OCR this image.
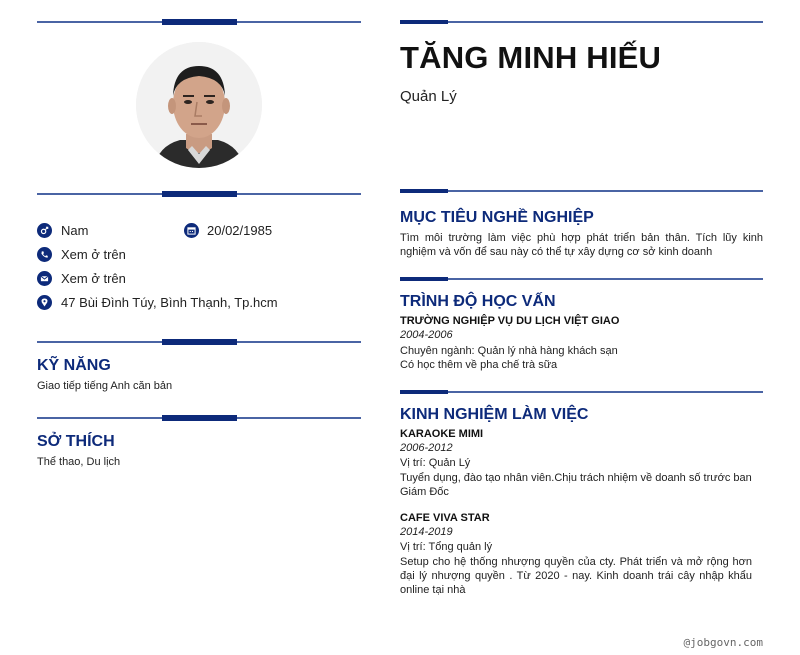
Nam	20/02/1985
Xem ở trên
Xem ở trên
47 Bùi Đình Túy, Bình Thạnh, Tp.hcm
KỸ NĂNG
Giao tiếp tiếng Anh căn bản
SỞ THÍCH
Thể thao, Du lịch
TĂNG MINH HIẾU
Quản Lý
MỤC TIÊU NGHỀ NGHIỆP
Tìm môi trường làm việc phù hợp phát triển bản thân. Tích lũy kinh nghiệm và vốn để sau này có thể tự xây dựng cơ sở kinh doanh
TRÌNH ĐỘ HỌC VẤN
TRƯỜNG NGHIỆP VỤ DU LỊCH VIỆT GIAO
2004-2006
Chuyên ngành: Quản lý nhà hàng khách sạn
Có học thêm về pha chế trà sữa
KINH NGHIỆM LÀM VIỆC
KARAOKE MIMI
2006-2012
Vị trí: Quản Lý
Tuyển dụng, đào tạo nhân viên.Chịu trách nhiệm về doanh số trước ban Giám Đốc
CAFE VIVA STAR
2014-2019
Vị trí: Tổng quản lý
Setup cho hệ thống nhượng quyền của cty. Phát triển và mở rộng hơn đại lý nhượng quyền . Từ 2020 - nay. Kinh doanh trái cây nhập khẩu online tại nhà
@jobgovn.com
